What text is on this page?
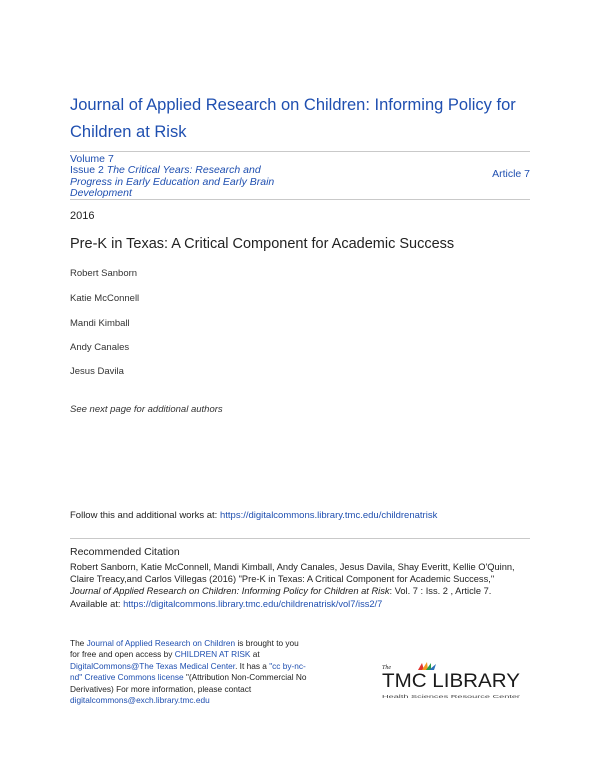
Journal of Applied Research on Children: Informing Policy for
Children at Risk
Volume 7
Issue 2 The Critical Years: Research and
Progress in Early Education and Early Brain
Development
Article 7
2016
Pre-K in Texas: A Critical Component for Academic Success
Robert Sanborn
Katie McConnell
Mandi Kimball
Andy Canales
Jesus Davila
See next page for additional authors
Follow this and additional works at: https://digitalcommons.library.tmc.edu/childrenatrisk
Recommended Citation
Robert Sanborn, Katie McConnell, Mandi Kimball, Andy Canales, Jesus Davila, Shay Everitt, Kellie O'Quinn,
Claire Treacy,and Carlos Villegas (2016) "Pre-K in Texas: A Critical Component for Academic Success,"
Journal of Applied Research on Children: Informing Policy for Children at Risk: Vol. 7 : Iss. 2 , Article 7.
Available at: https://digitalcommons.library.tmc.edu/childrenatrisk/vol7/iss2/7
The Journal of Applied Research on Children is brought to you for free and open access by CHILDREN AT RISK at DigitalCommons@The Texas Medical Center. It has a "cc by-nc-nd" Creative Commons license "(Attribution Non-Commercial No Derivatives) For more information, please contact digitalcommons@exch.library.tmc.edu
The
TMC LIBRARY
Health Sciences Resource Center
